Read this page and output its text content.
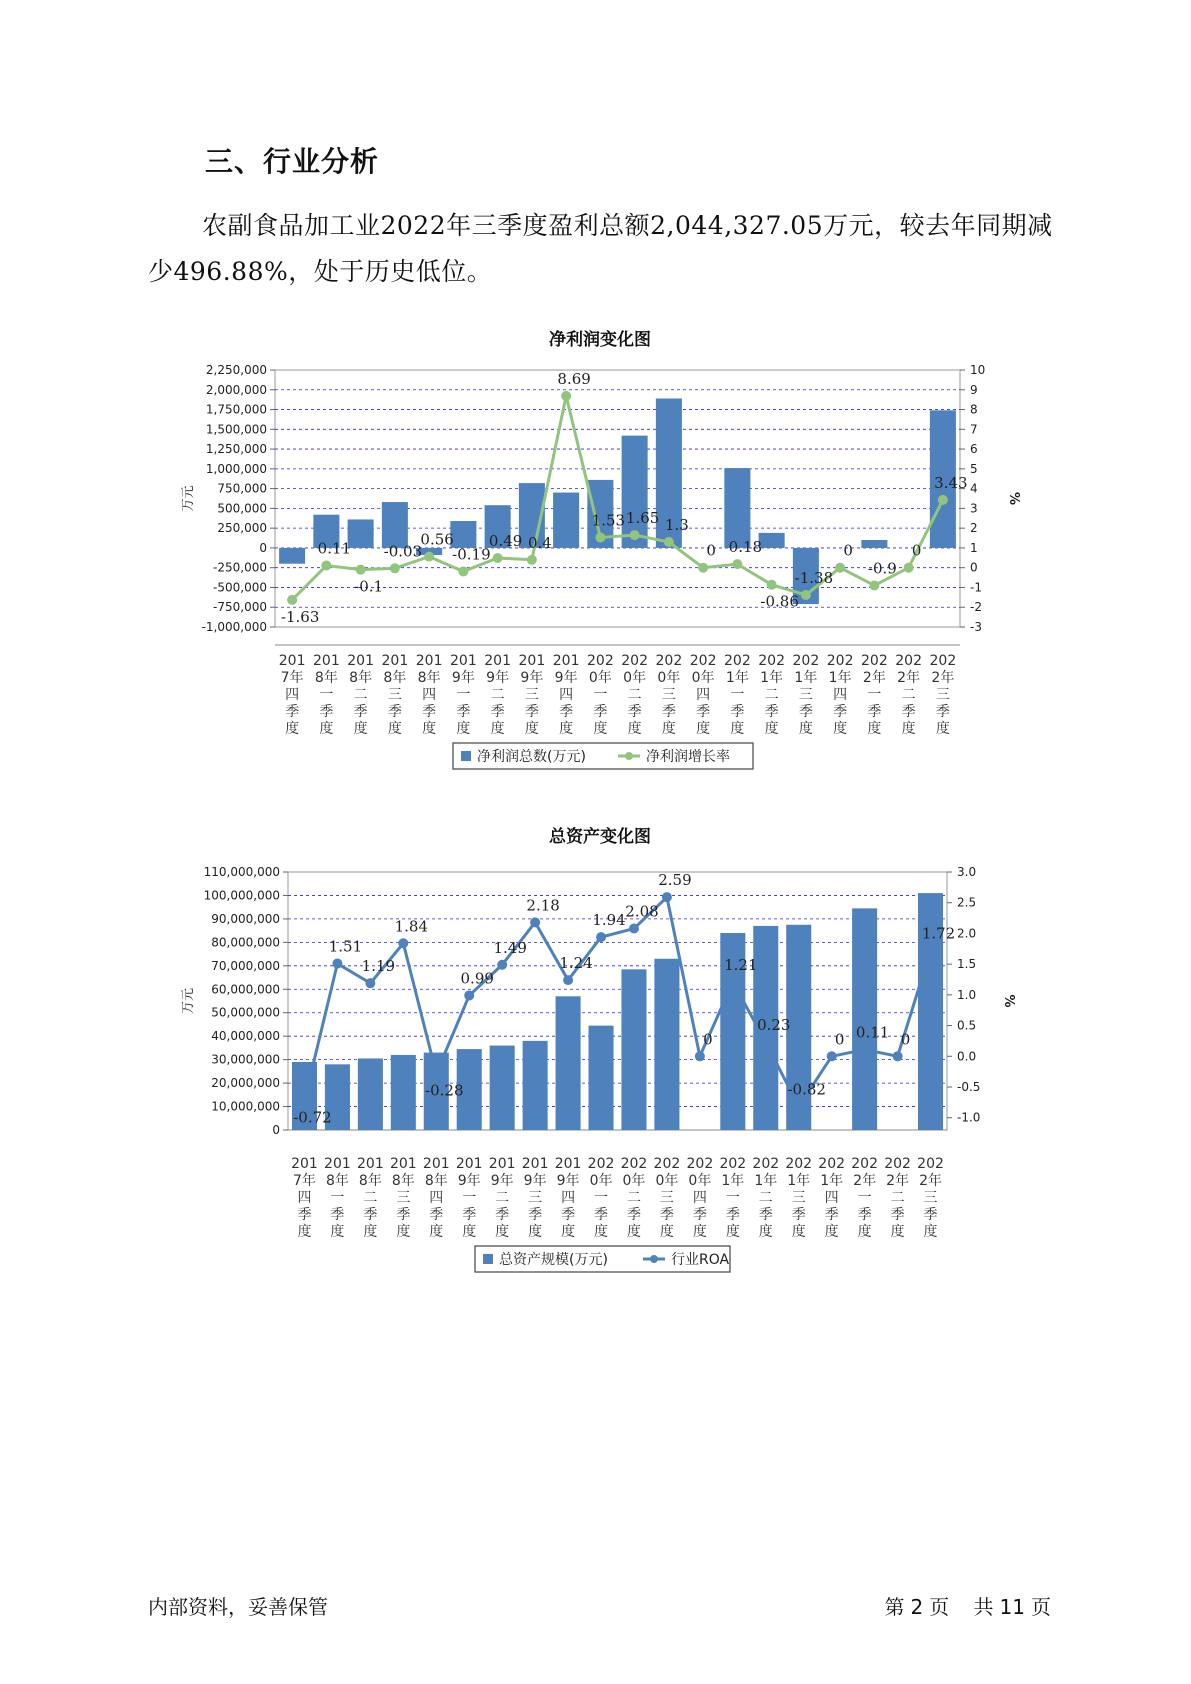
三、行业分析

农副食品加工业2022年三季度盈利总额2,044,327.05万元，较去年同期减少496.88%，处于历史低位。

净利润变化图
2,250,000
2,000,000
1,750,000
1,500,000
1,250,000
1,000,000
750,000
500,000
250,000
0
-250,000
-500,000
-750,000
-1,000,000
10
9
8
7
6
5
4
3
2
1
0
-1
-2
-3
万元	%
201 7年四季度
201 8年一季度
201 8年二季度
201 8年三季度
201 8年四季度
201 9年一季度
201 9年二季度
201 9年三季度
201 9年四季度
202 0年一季度
202 0年二季度
202 0年三季度
202 0年四季度
202 1年一季度
202 1年二季度
202 1年三季度
202 1年四季度
202 2年一季度
202 2年二季度
202 2年三季度
-1.63
0.11
-0.1
-0.03
0.56
-0.19
0.49 0.4
8.69
1.53 1.65 1.3
0 0.18
-0.86
-1.38
0
-0.9
0
3.43
净利润总数(万元)	净利润增长率
总资产变化图
110,000,000
100,000,000
90,000,000
80,000,000
70,000,000
60,000,000
50,000,000
40,000,000
30,000,000
20,000,000
10,000,000
0
3.0
2.5
2.0
1.5
1.0
0.5
0.0
-0.5
-1.0
万元	%
201 7年四季度
201 8年一季度
201 8年二季度
201 8年三季度
201 8年四季度
201 9年一季度
201 9年二季度
201 9年三季度
201 9年四季度
202 0年一季度
202 0年二季度
202 0年三季度
202 0年四季度
202 1年一季度
202 1年二季度
202 1年三季度
202 1年四季度
202 2年一季度
202 2年二季度
202 2年三季度
-0.72
1.51
1.19
1.84
-0.28
0.99
1.49
2.18
1.24
1.94 2.08
2.59
0
1.21
0.23
-0.82
0 0.11 0
1.72
总资产规模(万元)	行业ROA
内部资料，妥善保管	第 2 页 共 11 页
